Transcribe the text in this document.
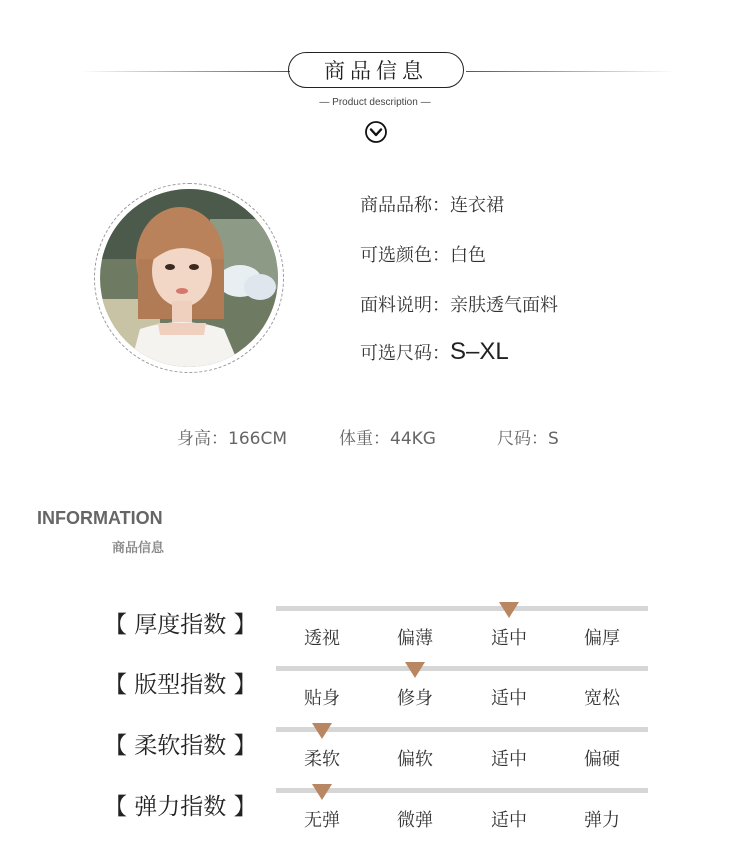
商品信息
— Product description —
商品品称：连衣裙
可选颜色：白色
面料说明：亲肤透气面料
可选尺码：S–XL
身高：166CM	体重：44KG	尺码：S
INFORMATION
商品信息
【 厚度指数 】
透视	偏薄	适中	偏厚
【 版型指数 】
贴身	修身	适中	宽松
【 柔软指数 】
柔软	偏软	适中	偏硬
【 弹力指数 】
无弹	微弹	适中	弹力
